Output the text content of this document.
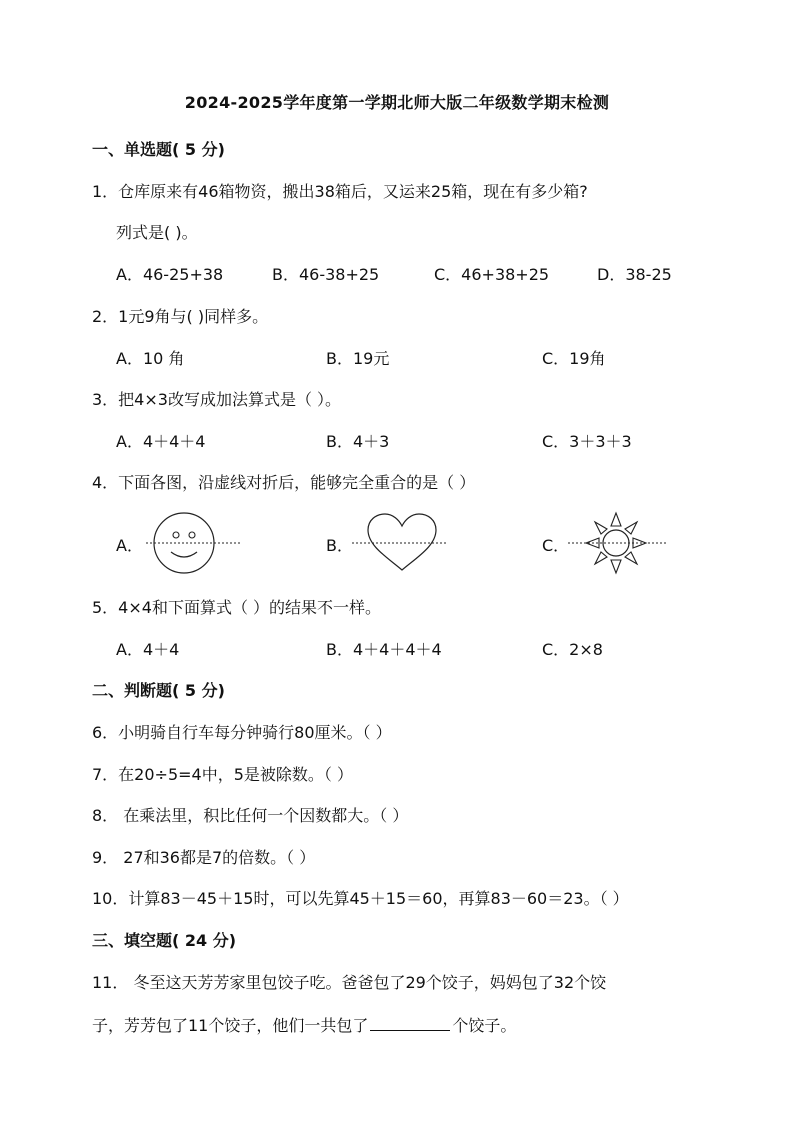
2024-2025学年度第一学期北师大版二年级数学期末检测
一、单选题( 5 分)
1．仓库原来有46箱物资，搬出38箱后，又运来25箱，现在有多少箱?
列式是( )。
A．46-25+38	B．46-38+25	C．46+38+25	D．38-25
2．1元9角与( )同样多。
A．10 角	B．19元	C．19角
3．把4×3改写成加法算式是（ ）。
A．4＋4＋4	B．4＋3	C．3＋3＋3
4．下面各图，沿虚线对折后，能够完全重合的是（ ）
A．	B．	C．
5．4×4和下面算式（ ）的结果不一样。
A．4＋4	B．4＋4＋4＋4	C．2×8
二、判断题( 5 分)
6．小明骑自行车每分钟骑行80厘米。（ ）
7．在20÷5=4中，5是被除数。（ ）
8． 在乘法里，积比任何一个因数都大。（ ）
9． 27和36都是7的倍数。（ ）
10．计算83－45＋15时，可以先算45＋15＝60，再算83－60＝23。（ ）
三、填空题( 24 分)
11． 冬至这天芳芳家里包饺子吃。爸爸包了29个饺子，妈妈包了32个饺
子，芳芳包了11个饺子，他们一共包了	个饺子。
